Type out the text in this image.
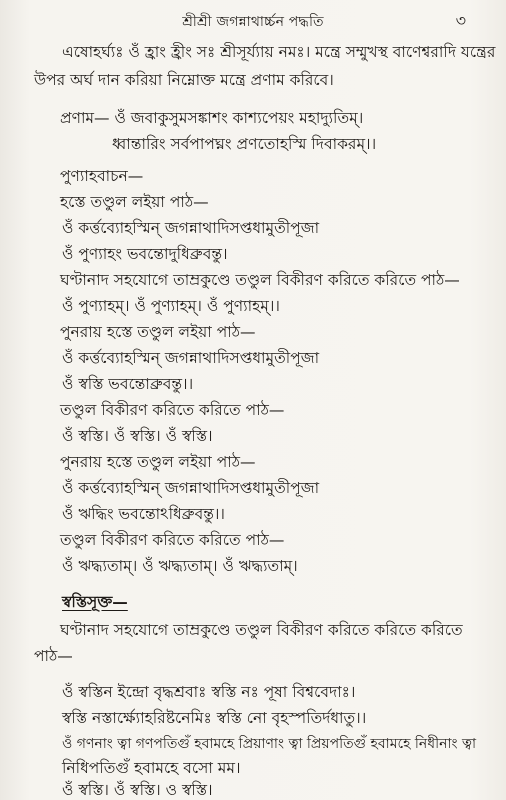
শ্রীশ্রী জগন্নাথার্চ্চন পদ্ধতি	৩
এষোহর্ঘ্যঃ ওঁ হ্রাং হ্রীং সঃ শ্রীসূর্য্যায় নমঃ। মন্ত্রে সম্মুখস্থ বাণেশ্বরাদি যন্ত্রের
উপর অর্ঘ দান করিয়া নিম্নোক্ত মন্ত্রে প্রণাম করিবে।
প্রণাম— ওঁ জবাকুসুমসঙ্কাশং কাশ্যপেয়ং মহাদ্যুতিম্।
ধ্বান্তারিং সর্বপাপঘ্নং প্রণতোহস্মি দিবাকরম্।।
পুণ্যাহবাচন—
হস্তে তণ্ডুল লইয়া পাঠ—
ওঁ কর্ত্তব্যোহস্মিন্ জগন্নাথাদিসপ্তধামুতীপূজা
ওঁ পুণ্যাহং ভবন্তোদুধিব্রুবন্তু।
ঘণ্টানাদ সহযোগে তাম্রকুণ্ডে তণ্ডুল বিকীরণ করিতে করিতে পাঠ—
ওঁ পুণ্যাহম্। ওঁ পুণ্যাহম্। ওঁ পুণ্যাহম্।।
পুনরায় হস্তে তণ্ডুল লইয়া পাঠ—
ওঁ কর্ত্তব্যোহস্মিন্ জগন্নাথাদিসপ্তধামুতীপূজা
ওঁ স্বস্তি ভবন্তোব্রুবন্তু।।
তণ্ডুল বিকীরণ করিতে করিতে পাঠ—
ওঁ স্বস্তি। ওঁ স্বস্তি। ওঁ স্বস্তি।
পুনরায় হস্তে তণ্ডুল লইয়া পাঠ—
ওঁ কর্ত্তব্যোহস্মিন্ জগন্নাথাদিসপ্তধামুতীপূজা
ওঁ ঋদ্ধিং ভবন্তোঽধিব্রুবন্তু।।
তণ্ডুল বিকীরণ করিতে করিতে পাঠ—
ওঁ ঋদ্ধ্যতাম্। ওঁ ঋদ্ধ্যতাম্। ওঁ ঋদ্ধ্যতাম্।
স্বস্তিসূক্ত—
ঘণ্টানাদ সহযোগে তাম্রকুণ্ডে তণ্ডুল বিকীরণ করিতে করিতে করিতে
পাঠ—
ওঁ স্বস্তিন ইন্দ্রো বৃদ্ধশ্রবাঃ স্বস্তি নঃ পূষা বিশ্ববেদাঃ।
স্বস্তি নস্তার্ক্ষ্যোহরিষ্টনেমিঃ স্বস্তি নো বৃহস্পতির্দধাতু।।
ওঁ গণনাং ত্বা গণপতিগুঁ হবামহে প্রিয়াণাং ত্বা প্রিয়পতিগুঁ হবামহে নিধীনাং ত্বা
নিধিপতিগুঁ হবামহে বসো মম।
ওঁ স্বস্তি। ওঁ স্বস্তি। ও স্বস্তি।
